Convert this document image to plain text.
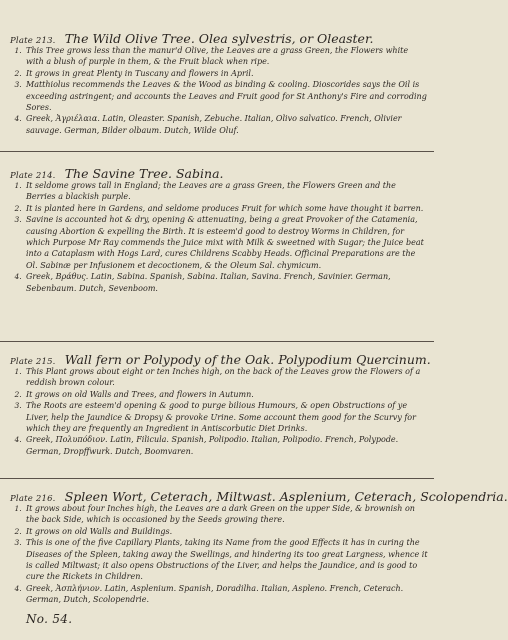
Plate 213. The Wild Olive Tree. Olea sylvestris, or Oleaster.
1. This Tree grows less than the manur'd Olive, the Leaves are a grass Green, the Flowers white with a blush of purple in them, & the Fruit black when ripe.
2. It grows in great Plenty in Tuscany and flowers in April.
3. Matthiolus recommends the Leaves & the Wood as binding & cooling. Dioscorides says the Oil is exceeding astringent; and accounts the Leaves and Fruit good for St Anthony's Fire and corroding Sores.
4. Greek, Ἀγριέλαια. Latin, Oleaster. Spanish, Zebuche. Italian, Olivo salvatico. French, Olivier sauvage. German, Bilder olbaum. Dutch, Wilde Oluf.
Plate 214. The Savine Tree. Sabina.
1. It seldome grows tall in England; the Leaves are a grass Green, the Flowers Green and the Berries a blackish purple.
2. It is planted here in Gardens, and seldome produces Fruit for which some have thought it barren.
3. Savine is accounted hot & dry, opening & attenuating, being a great Provoker of the Catamenia, causing Abortion & expelling the Birth. It is esteem'd good to destroy Worms in Children, for which Purpose Mr Ray commends the Juice mixt with Milk & sweetned with Sugar; the Juice beat into a Cataplasm with Hogs Lard, cures Childrens Scabby Heads. Officinal Preparations are the Ol. Sabinæ per Infusionem et decoctionem, & the Oleum Sal. chymicum.
4. Greek, Βράθυς. Latin, Sabina. Spanish, Sabina. Italian, Savina. French, Savinier. German, Sebenbaum. Dutch, Sevenboom.
Plate 215. Wall fern or Polypody of the Oak. Polypodium Quercinum.
1. This Plant grows about eight or ten Inches high, on the back of the Leaves grow the Flowers of a reddish brown colour.
2. It grows on old Walls and Trees, and flowers in Autumn.
3. The Roots are esteem'd opening & good to purge bilious Humours, & open Obstructions of ye Liver, help the Jaundice & Dropsy & provoke Urine. Some account them good for the Scurvy for which they are frequently an Ingredient in Antiscorbutic Diet Drinks.
4. Greek, Πολυπόδιον. Latin, Filicula. Spanish, Polipodio. Italian, Polipodio. French, Polypode. German, Dropffwurk. Dutch, Boomvaren.
Plate 216. Spleen Wort, Ceterach, Miltwast. Asplenium, Ceterach, Scolopendria.
1. It grows about four Inches high, the Leaves are a dark Green on the upper Side, & brownish on the back Side, which is occasioned by the Seeds growing there.
2. It grows on old Walls and Buildings.
3. This is one of the five Capillary Plants, taking its Name from the good Effects it has in curing the Diseases of the Spleen, taking away the Swellings, and hindering its too great Largness, whence it is called Miltwast; it also opens Obstructions of the Liver, and helps the Jaundice, and is good to cure the Rickets in Children.
4. Greek, Ἀσπλήνιον. Latin, Asplenium. Spanish, Doradilha. Italian, Aspleno. French, Ceterach. German, Dutch, Scolopendrie.
No. 54.
